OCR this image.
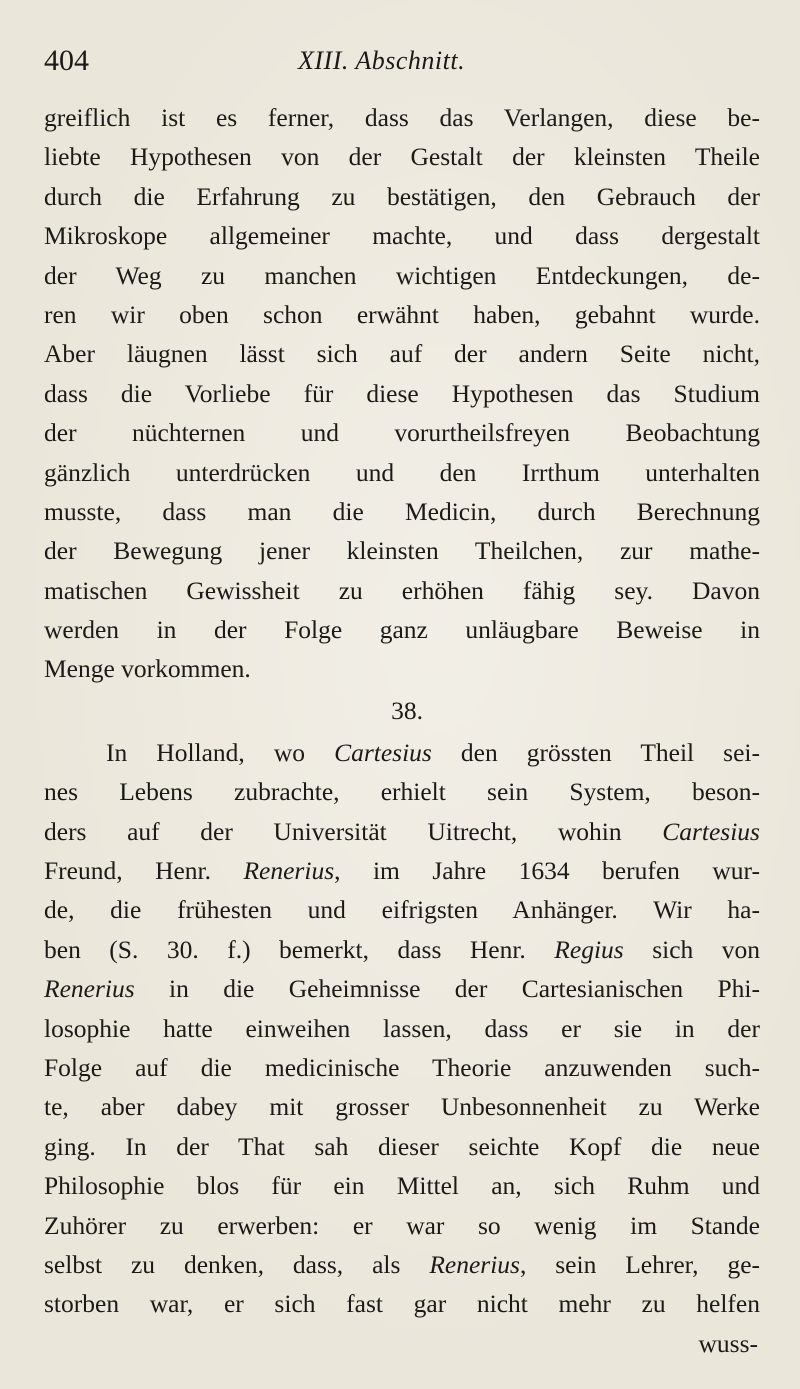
404	XIII. Abschnitt.
greiflich ist es ferner, dass das Verlangen, diese be-
liebte Hypothesen von der Gestalt der kleinsten Theile
durch die Erfahrung zu bestätigen, den Gebrauch der
Mikroskope allgemeiner machte, und dass dergestalt
der Weg zu manchen wichtigen Entdeckungen, de-
ren wir oben schon erwähnt haben, gebahnt wurde.
Aber läugnen lässt sich auf der andern Seite nicht,
dass die Vorliebe für diese Hypothesen das Studium
der nüchternen und vorurtheilsfreyen Beobachtung
gänzlich unterdrücken und den Irrthum unterhalten
musste, dass man die Medicin, durch Berechnung
der Bewegung jener kleinsten Theilchen, zur mathe-
matischen Gewissheit zu erhöhen fähig sey. Davon
werden in der Folge ganz unläugbare Beweise in
Menge vorkommen.
38.
In Holland, wo Cartesius den grössten Theil sei-
nes Lebens zubrachte, erhielt sein System, beson-
ders auf der Universität Uitrecht, wohin Cartesius
Freund, Henr. Renerius, im Jahre 1634 berufen wur-
de, die frühesten und eifrigsten Anhänger. Wir ha-
ben (S. 30. f.) bemerkt, dass Henr. Regius sich von
Renerius in die Geheimnisse der Cartesianischen Phi-
losophie hatte einweihen lassen, dass er sie in der
Folge auf die medicinische Theorie anzuwenden such-
te, aber dabey mit grosser Unbesonnenheit zu Werke
ging. In der That sah dieser seichte Kopf die neue
Philosophie blos für ein Mittel an, sich Ruhm und
Zuhörer zu erwerben: er war so wenig im Stande
selbst zu denken, dass, als Renerius, sein Lehrer, ge-
storben war, er sich fast gar nicht mehr zu helfen
wuss-
